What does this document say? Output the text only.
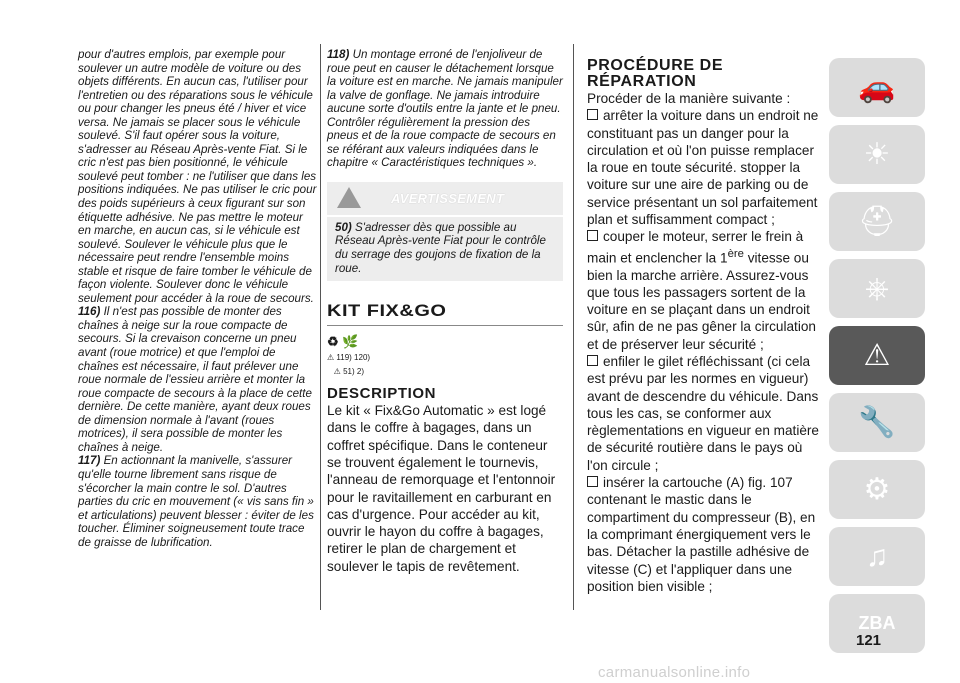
pour d'autres emplois, par exemple pour soulever un autre modèle de voiture ou des objets différents. En aucun cas, l'utiliser pour l'entretien ou des réparations sous le véhicule ou pour changer les pneus été / hiver et vice versa. Ne jamais se placer sous le véhicule soulevé. S'il faut opérer sous la voiture, s'adresser au Réseau Après-vente Fiat. Si le cric n'est pas bien positionné, le véhicule soulevé peut tomber : ne l'utiliser que dans les positions indiquées. Ne pas utiliser le cric pour des poids supérieurs à ceux figurant sur son étiquette adhésive. Ne pas mettre le moteur en marche, en aucun cas, si le véhicule est soulevé. Soulever le véhicule plus que le nécessaire peut rendre l'ensemble moins stable et risque de faire tomber le véhicule de façon violente. Soulever donc le véhicule seulement pour accéder à la roue de secours.

116) Il n'est pas possible de monter des chaînes à neige sur la roue compacte de secours. Si la crevaison concerne un pneu avant (roue motrice) et que l'emploi de chaînes est nécessaire, il faut prélever une roue normale de l'essieu arrière et monter la roue compacte de secours à la place de cette dernière. De cette manière, ayant deux roues de dimension normale à l'avant (roues motrices), il sera possible de monter les chaînes à neige.

117) En actionnant la manivelle, s'assurer qu'elle tourne librement sans risque de s'écorcher la main contre le sol. D'autres parties du cric en mouvement (« vis sans fin » et articulations) peuvent blesser : éviter de les toucher. Éliminer soigneusement toute trace de graisse de lubrification.

118) Un montage erroné de l'enjoliveur de roue peut en causer le détachement lorsque la voiture est en marche. Ne jamais manipuler la valve de gonflage. Ne jamais introduire aucune sorte d'outils entre la jante et le pneu. Contrôler régulièrement la pression des pneus et de la roue compacte de secours en se référant aux valeurs indiquées dans le chapitre « Caractéristiques techniques ».

AVERTISSEMENT

50) S'adresser dès que possible au Réseau Après-vente Fiat pour le contrôle du serrage des goujons de fixation de la roue.

KIT FIX&GO

♻ 🌿
⚠ 119) 120)
⚠ 51) 2)

DESCRIPTION

Le kit « Fix&Go Automatic » est logé dans le coffre à bagages, dans un coffret spécifique. Dans le conteneur se trouvent également le tournevis, l'anneau de remorquage et l'entonnoir pour le ravitaillement en carburant en cas d'urgence. Pour accéder au kit, ouvrir le hayon du coffre à bagages, retirer le plan de chargement et soulever le tapis de revêtement.

PROCÉDURE DE

RÉPARATION

Procéder de la manière suivante :

arrêter la voiture dans un endroit ne constituant pas un danger pour la circulation et où l'on puisse remplacer la roue en toute sécurité. stopper la voiture sur une aire de parking ou de service présentant un sol parfaitement plan et suffisamment compact ;

couper le moteur, serrer le frein à main et enclencher la 1ère vitesse ou bien la marche arrière. Assurez-vous que tous les passagers sortent de la voiture en se plaçant dans un endroit sûr, afin de ne pas gêner la circulation et de préserver leur sécurité ;

enfiler le gilet réfléchissant (ci cela est prévu par les normes en vigueur) avant de descendre du véhicule. Dans tous les cas, se conformer aux règlementations en vigueur en matière de sécurité routière dans le pays où l'on circule ;

insérer la cartouche (A) fig. 107 contenant le mastic dans le compartiment du compresseur (B), en la comprimant énergiquement vers le bas. Détacher la pastille adhésive de vitesse (C) et l'appliquer dans une position bien visible ;

🚗
☀
⛑
⎈
⚠
🔧
⚙
♫
ZBA
121
carmanualsonline.info
